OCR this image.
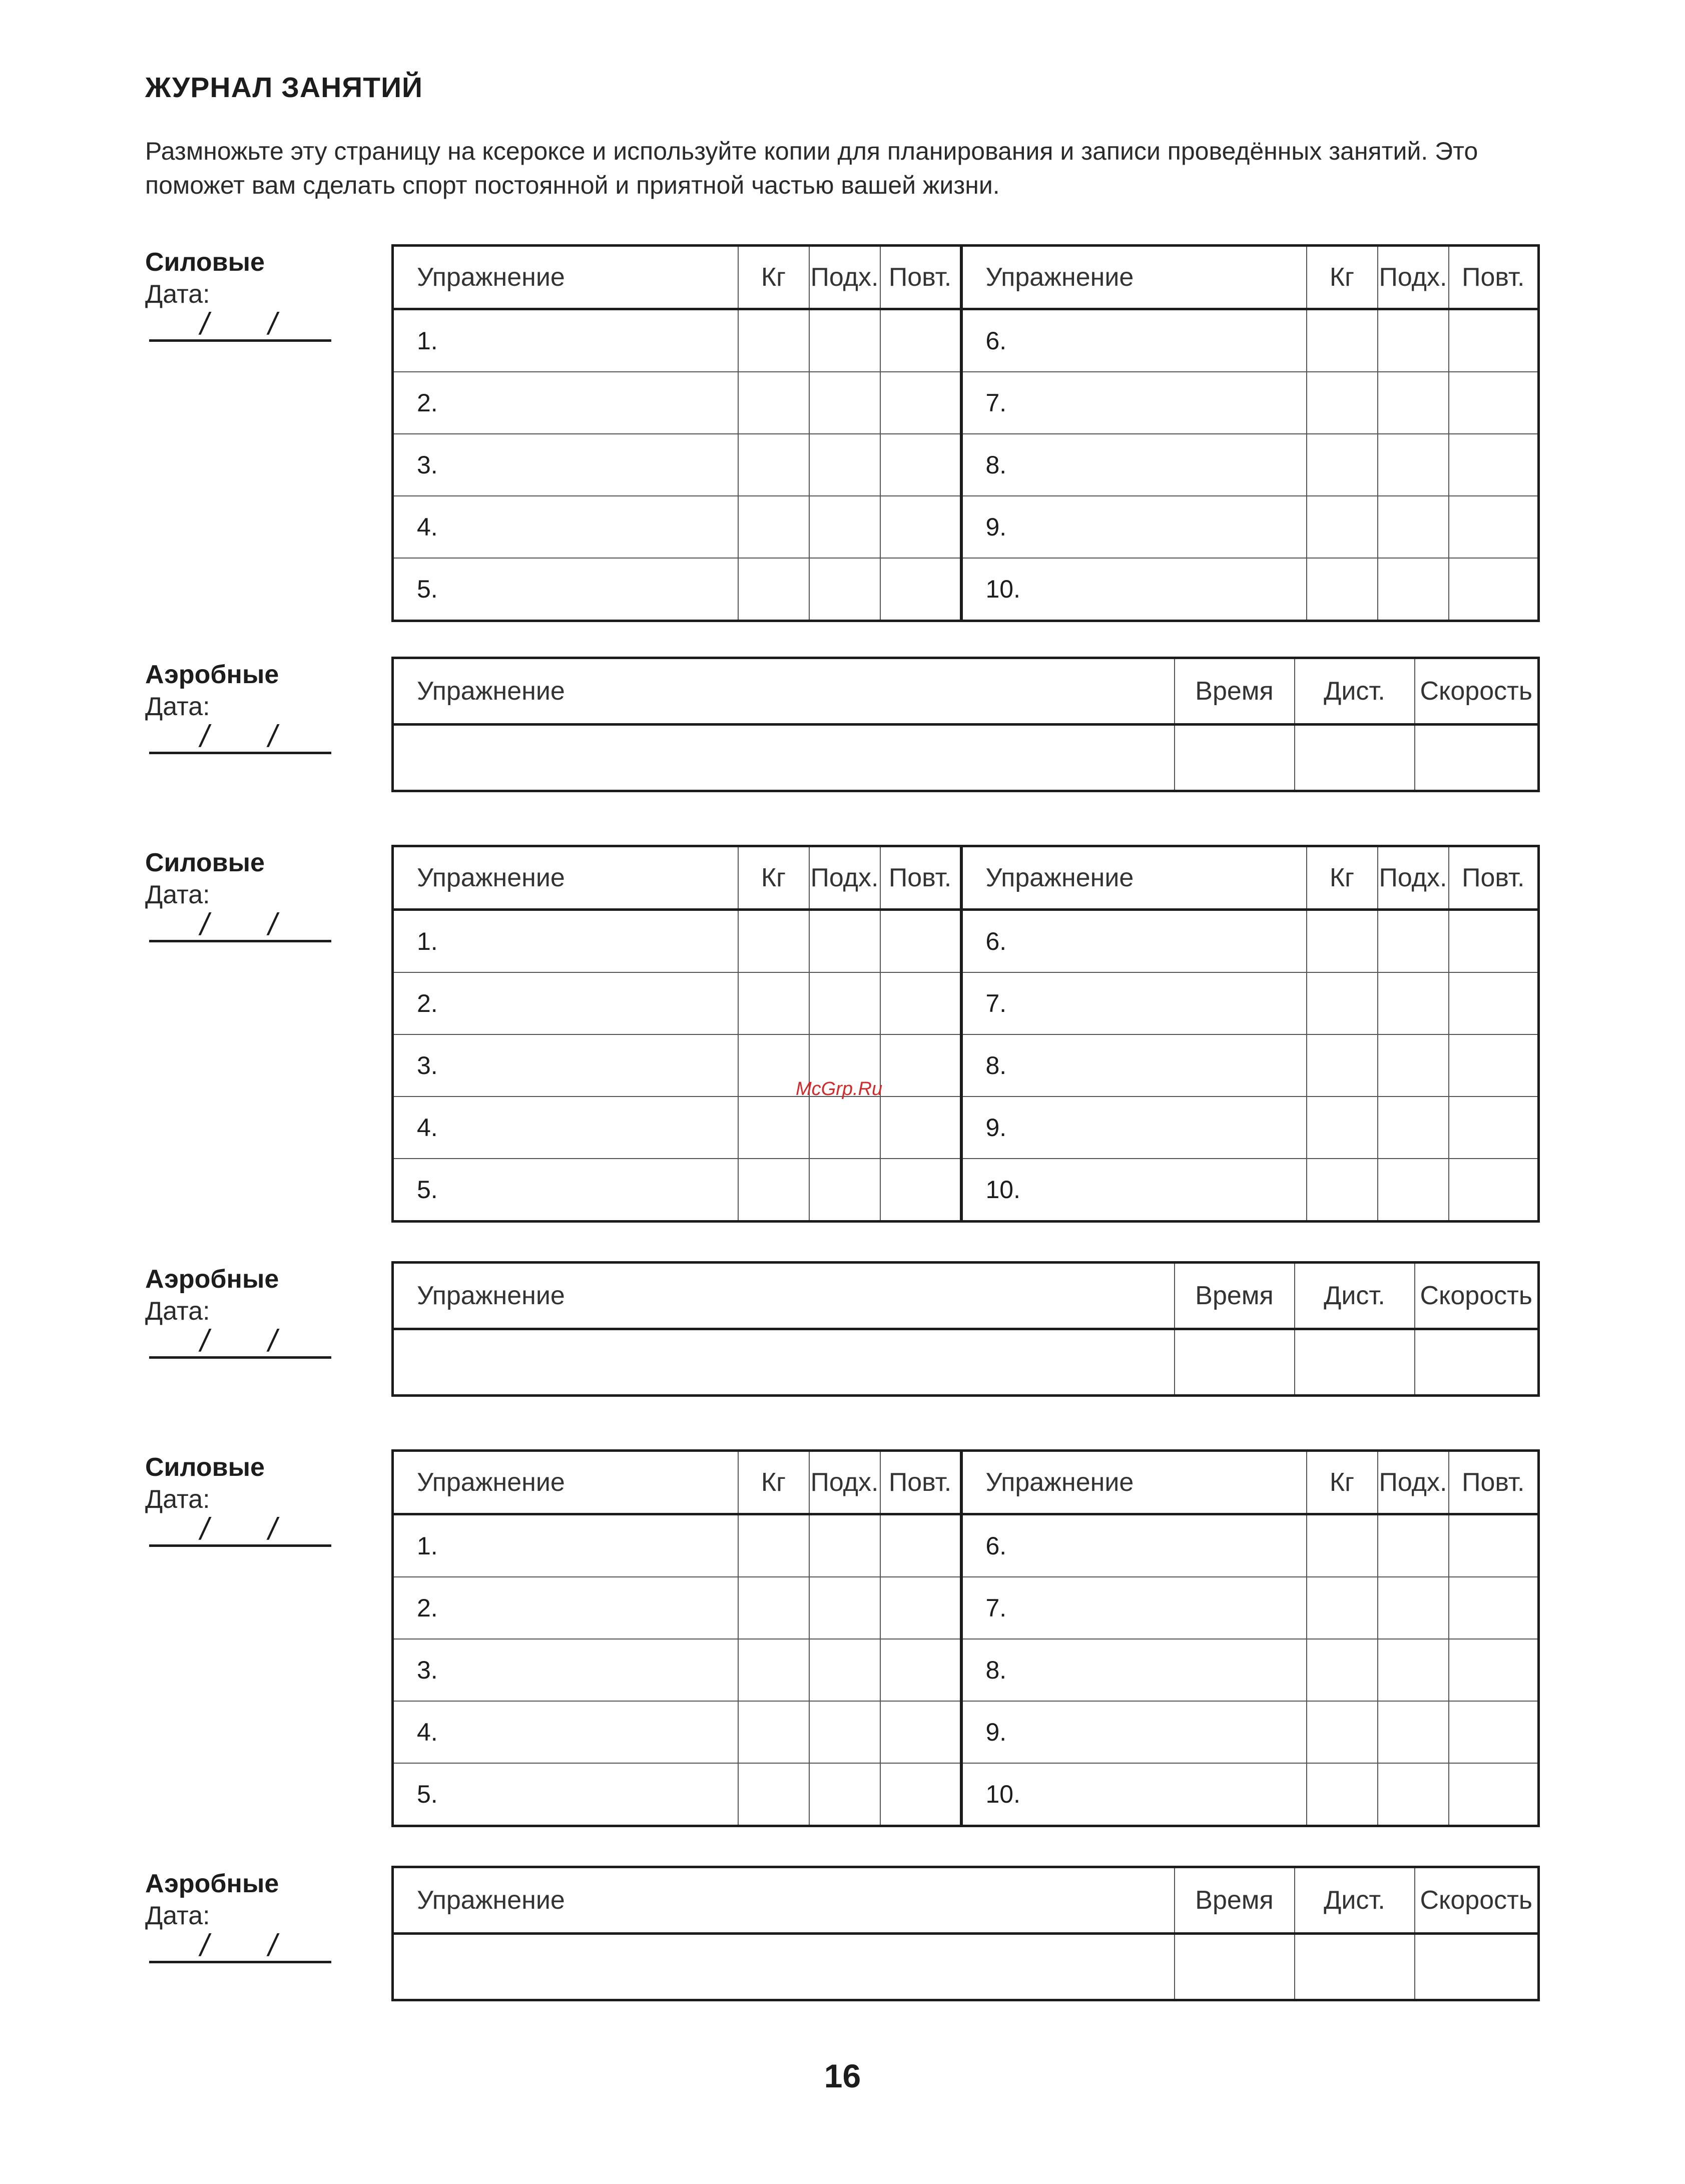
ЖУРНАЛ ЗАНЯТИЙ
Размножьте эту страницу на ксероксе и используйте копии для планирования и записи проведённых занятий. Это поможет вам сделать спорт постоянной и приятной частью вашей жизни.
Силовые
Дата:
/ /
Упражнение	Кг	Подх.	Повт.	Упражнение	Кг	Подх.	Повт.
1.				6.			
2.				7.			
3.				8.			
4.				9.			
5.				10.			
Аэробные
Дата:
/ /
Упражнение	Время	Дист.	Скорость

Силовые
Дата:
/ /
Упражнение	Кг	Подх.	Повт.	Упражнение	Кг	Подх.	Повт.
1.				6.			
2.				7.			
3.				8.			
4.				9.			
5.				10.			
Аэробные
Дата:
/ /
Упражнение	Время	Дист.	Скорость

Силовые
Дата:
/ /
Упражнение	Кг	Подх.	Повт.	Упражнение	Кг	Подх.	Повт.
1.				6.			
2.				7.			
3.				8.			
4.				9.			
5.				10.			
Аэробные
Дата:
/ /
Упражнение	Время	Дист.	Скорость

McGrp.Ru
16
